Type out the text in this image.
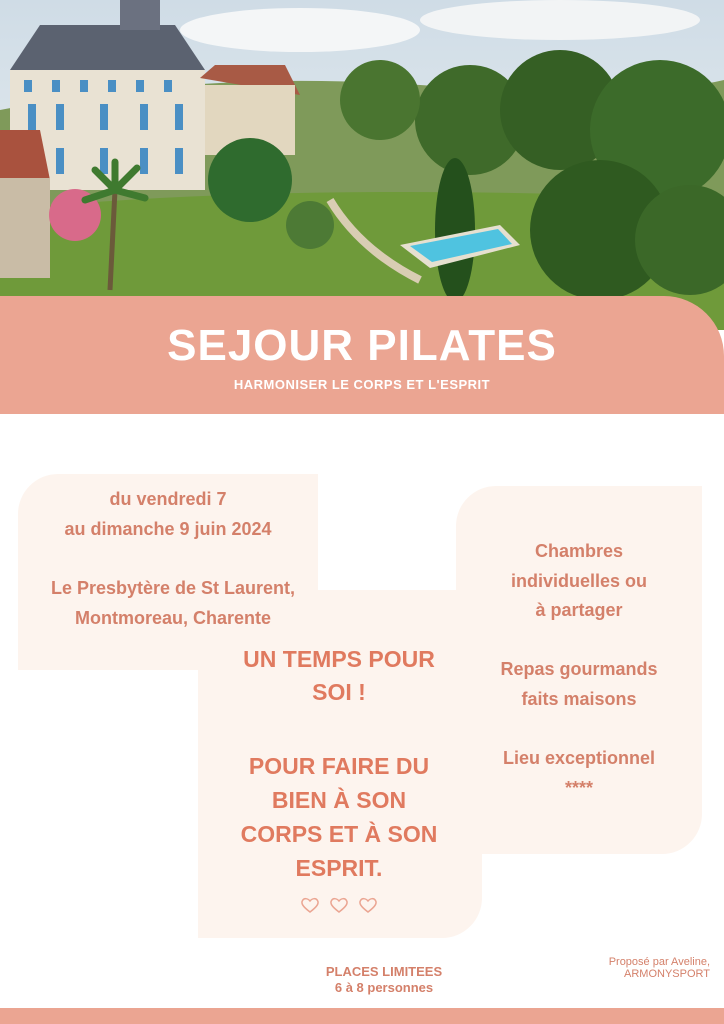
SEJOUR PILATES
HARMONISER LE CORPS ET L'ESPRIT
du vendredi 7
au dimanche 9 juin 2024
Le Presbytère de St Laurent,
Montmoreau, Charente
UN TEMPS POUR
SOI !
POUR FAIRE DU
BIEN À SON
CORPS ET À SON
ESPRIT.
Chambres
individuelles ou
à partager
Repas gourmands
faits maisons
Lieu exceptionnel
****
PLACES LIMITEES
6 à 8 personnes
Proposé par Aveline,
ARMONYSPORT
